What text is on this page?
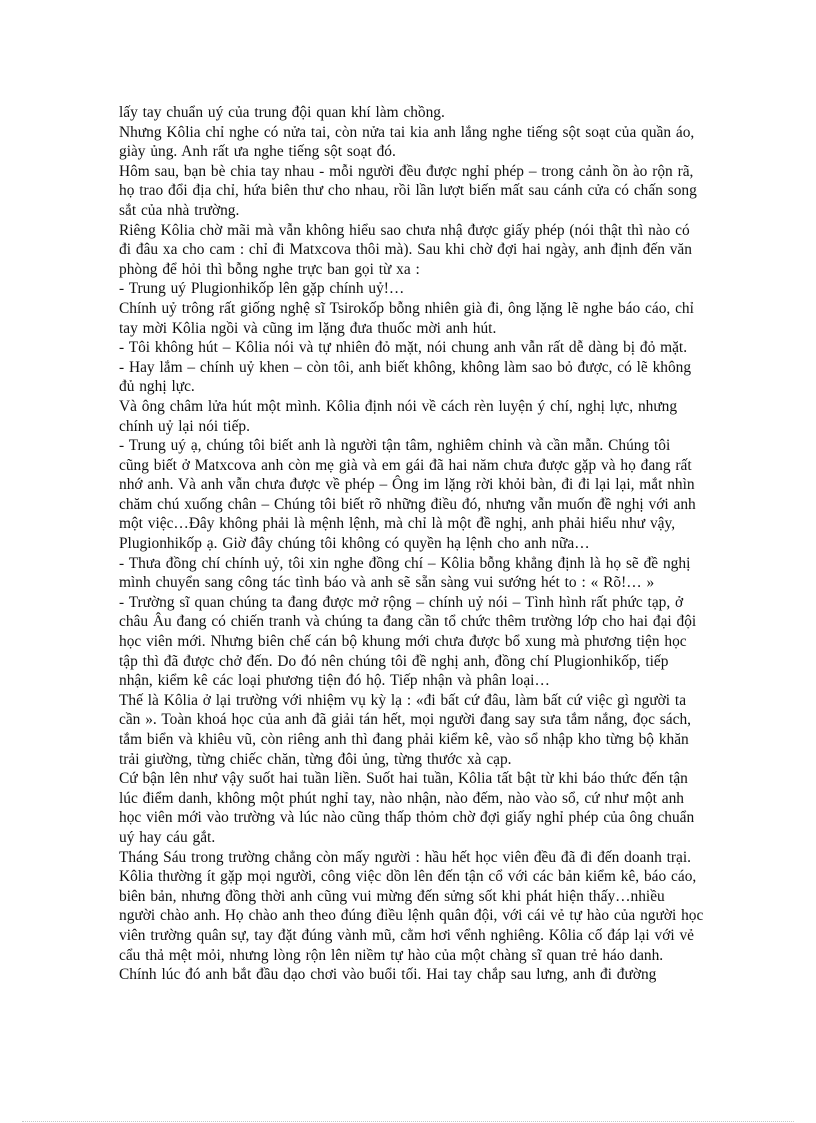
lấy tay chuẩn uý của trung đội quan khí làm chồng.

Nhưng Kôlia chỉ nghe có nửa tai, còn nửa tai kia anh lắng nghe tiếng sột soạt của quần áo, giày ủng. Anh rất ưa nghe tiếng sột soạt đó.

Hôm sau, bạn bè chia tay nhau - mỗi người đều được nghỉ phép – trong cảnh ồn ào rộn rã, họ trao đổi địa chỉ, hứa biên thư cho nhau, rồi lần lượt biến mất sau cánh cửa có chấn song sắt của nhà trường.

Riêng Kôlia chờ mãi mà vẫn không hiểu sao chưa nhậ được giấy phép (nói thật thì nào có đi đâu xa cho cam : chỉ đi Matxcova thôi mà). Sau khi chờ đợi hai ngày, anh định đến văn phòng để hỏi thì bỗng nghe trực ban gọi từ xa :

- Trung uý Plugionhikốp lên gặp chính uỷ!…

Chính uỷ trông rất giống nghệ sĩ Tsirokốp bỗng nhiên già đi, ông lặng lẽ nghe báo cáo, chỉ tay mời Kôlia ngồi và cũng im lặng đưa thuốc mời anh hút.

- Tôi không hút – Kôlia nói và tự nhiên đỏ mặt, nói chung anh vẫn rất dễ dàng bị đỏ mặt.

- Hay lắm – chính uỷ khen – còn tôi, anh biết không, không làm sao bỏ được, có lẽ không đủ nghị lực.

Và ông châm lửa hút một mình. Kôlia định nói về cách rèn luyện ý chí, nghị lực, nhưng chính uỷ lại nói tiếp.

- Trung uý ạ, chúng tôi biết anh là người tận tâm, nghiêm chỉnh và cần mẫn. Chúng tôi cũng biết ở Matxcova anh còn mẹ già và em gái đã hai năm chưa được gặp và họ đang rất nhớ anh. Và anh vẫn chưa được về phép – Ông im lặng rời khỏi bàn, đi đi lại lại, mắt nhìn chăm chú xuống chân – Chúng tôi biết rõ những điều đó, nhưng vẫn muốn đề nghị với anh một việc…Đây không phải là mệnh lệnh, mà chỉ là một đề nghị, anh phải hiểu như vậy, Plugionhikốp ạ. Giờ đây chúng tôi không có quyền hạ lệnh cho anh nữa…

- Thưa đồng chí chính uỷ, tôi xin nghe đồng chí – Kôlia bỗng khẳng định là họ sẽ đề nghị mình chuyển sang công tác tình báo và anh sẽ sẵn sàng vui sướng hét to : « Rõ!… »

- Trường sĩ quan chúng ta đang được mở rộng – chính uỷ nói – Tình hình rất phức tạp, ở châu Âu đang có chiến tranh và chúng ta đang cần tổ chức thêm trường lớp cho hai đại đội học viên mới. Nhưng biên chế cán bộ khung mới chưa được bổ xung mà phương tiện học tập thì đã được chở đến. Do đó nên chúng tôi đề nghị anh, đồng chí Plugionhikốp, tiếp nhận, kiểm kê các loại phương tiện đó hộ. Tiếp nhận và phân loại…

Thế là Kôlia ở lại trường với nhiệm vụ kỳ lạ : «đi bất cứ đâu, làm bất cứ việc gì người ta cần ». Toàn khoá học của anh đã giải tán hết, mọi người đang say sưa tắm nắng, đọc sách, tắm biển và khiêu vũ, còn riêng anh thì đang phải kiểm kê, vào sổ nhập kho từng bộ khăn trải giường, từng chiếc chăn, từng đôi ủng, từng thước xà cạp.

Cứ bận lên như vậy suốt hai tuần liền. Suốt hai tuần, Kôlia tất bật từ khi báo thức đến tận lúc điểm danh, không một phút nghỉ tay, nào nhận, nào đếm, nào vào sổ, cứ như một anh học viên mới vào trường và lúc nào cũng thấp thỏm chờ đợi giấy nghỉ phép của ông chuẩn uý hay cáu gắt.

Tháng Sáu trong trường chẳng còn mấy người : hầu hết học viên đều đã đi đến doanh trại. Kôlia thường ít gặp mọi người, công việc dồn lên đến tận cổ với các bản kiểm kê, báo cáo, biên bản, nhưng đồng thời anh cũng vui mừng đến sửng sốt khi phát hiện thấy…nhiều người chào anh. Họ chào anh theo đúng điều lệnh quân đội, với cái vẻ tự hào của người học viên trường quân sự, tay đặt đúng vành mũ, cằm hơi vểnh nghiêng. Kôlia cố đáp lại với vẻ cẩu thả mệt mỏi, nhưng lòng rộn lên niềm tự hào của một chàng sĩ quan trẻ háo danh.

Chính lúc đó anh bắt đầu dạo chơi vào buổi tối. Hai tay chắp sau lưng, anh đi đường
